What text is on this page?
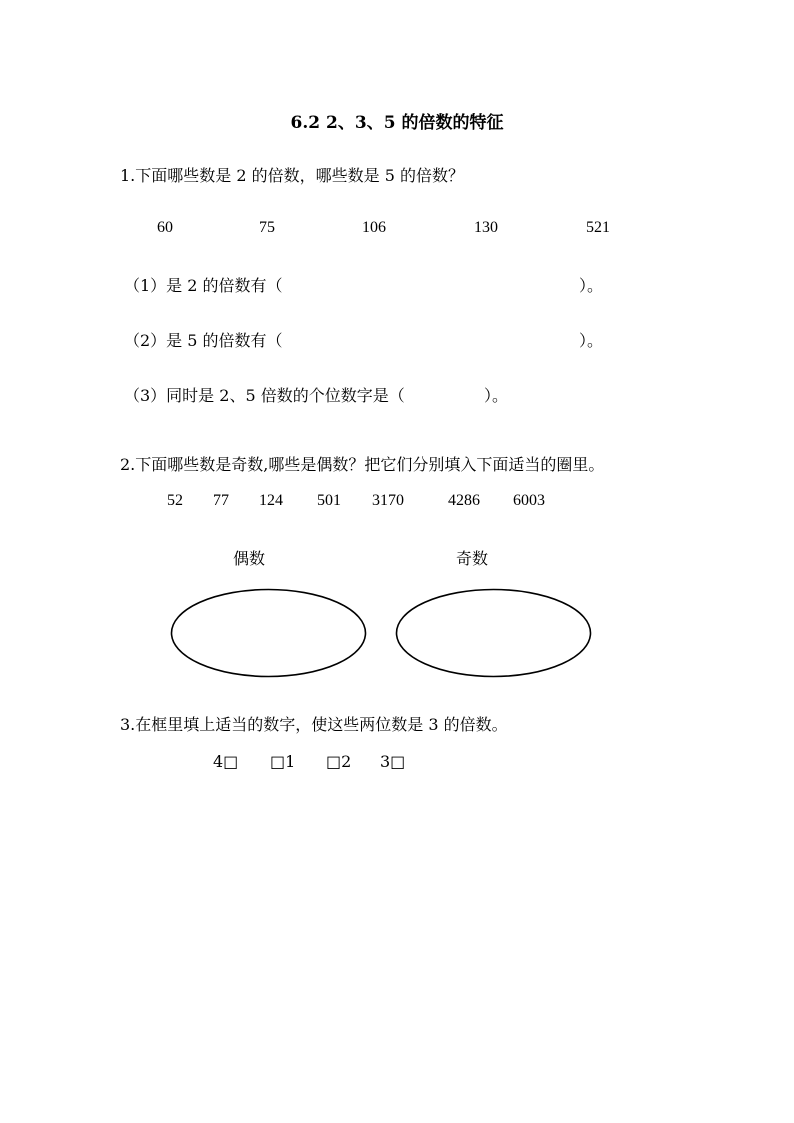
6.2 2、3、5 的倍数的特征
1.下面哪些数是 2 的倍数，哪些数是 5 的倍数？
60	75	106	130	521
（1）是 2 的倍数有（	）。
（2）是 5 的倍数有（	）。
（3）同时是 2、5 倍数的个位数字是（	）。
2.下面哪些数是奇数,哪些是偶数？把它们分别填入下面适当的圈里。
52 77 124 501 3170	4286 6003
偶数	奇数
3.在框里填上适当的数字，使这些两位数是 3 的倍数。
4□ □1 □2 3□
